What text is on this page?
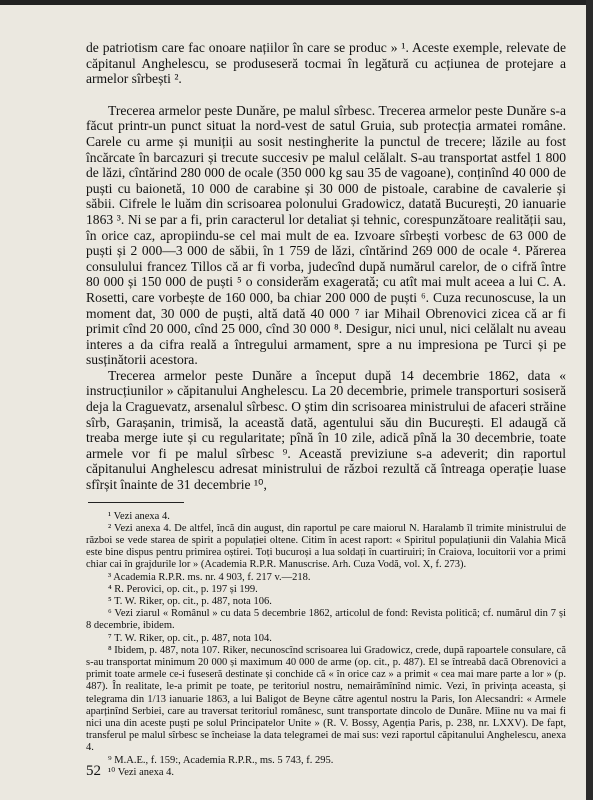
de patriotism care fac onoare națiilor în care se produc » ¹. Aceste exemple, relevate de căpitanul Anghelescu, se produseseră tocmai în legătură cu acțiunea de protejare a armelor sîrbești ².

Trecerea armelor peste Dunăre, pe malul sîrbesc. Trecerea armelor peste Dunăre s-a făcut printr-un punct situat la nord-vest de satul Gruia, sub protecția armatei române. Carele cu arme și muniții au sosit nestingherite la punctul de trecere; lăzile au fost încărcate în barcazuri și trecute succesiv pe malul celălalt. S-au transportat astfel 1 800 de lăzi, cîntărind 280 000 de ocale (350 000 kg sau 35 de vagoane), conținînd 40 000 de puști cu baionetă, 10 000 de carabine și 30 000 de pistoale, carabine de cavalerie și săbii. Cifrele le luăm din scrisoarea polonului Gradowicz, datată București, 20 ianuarie 1863 ³. Ni se par a fi, prin caracterul lor detaliat și tehnic, corespunzătoare realității sau, în orice caz, apropiindu-se cel mai mult de ea. Izvoare sîrbești vorbesc de 63 000 de puști și 2 000—3 000 de săbii, în 1 759 de lăzi, cîntărind 269 000 de ocale ⁴. Părerea consulului francez Tillos că ar fi vorba, judecînd după numărul carelor, de o cifră între 80 000 și 150 000 de puști ⁵ o considerăm exagerată; cu atît mai mult aceea a lui C. A. Rosetti, care vorbește de 160 000, ba chiar 200 000 de puști ⁶. Cuza recunoscuse, la un moment dat, 30 000 de puști, altă dată 40 000 ⁷ iar Mihail Obrenovici zicea că ar fi primit cînd 20 000, cînd 25 000, cînd 30 000 ⁸. Desigur, nici unul, nici celălalt nu aveau interes a da cifra reală a întregului armament, spre a nu impresiona pe Turci și pe susținătorii acestora.

Trecerea armelor peste Dunăre a început după 14 decembrie 1862, data « instrucțiunilor » căpitanului Anghelescu. La 20 decembrie, primele transporturi sosiseră deja la Craguevatz, arsenalul sîrbesc. O știm din scrisoarea ministrului de afaceri străine sîrb, Garașanin, trimisă, la această dată, agentului său din București. El adaugă că treaba merge iute și cu regularitate; pînă în 10 zile, adică pînă la 30 decembrie, toate armele vor fi pe malul sîrbesc ⁹. Această previziune s-a adeverit; din raportul căpitanului Anghelescu adresat ministrului de război rezultă că întreaga operație luase sfîrșit înainte de 31 decembrie ¹⁰,

¹ Vezi anexa 4.

² Vezi anexa 4. De altfel, încă din august, din raportul pe care maiorul N. Haralamb îl trimite ministrului de război se vede starea de spirit a populației oltene. Citim în acest raport: « Spiritul populațiunii din Valahia Mică este bine dispus pentru primirea oștirei. Toți bucuroși a lua soldați în cuartiruiri; în Craiova, locuitorii vor a primi chiar cai în grajdurile lor » (Academia R.P.R. Manuscrise. Arh. Cuza Vodă, vol. X, f. 273).

³ Academia R.P.R. ms. nr. 4 903, f. 217 v.—218.

⁴ R. Perovici, op. cit., p. 197 și 199.

⁵ T. W. Riker, op. cit., p. 487, nota 106.

⁶ Vezi ziarul « Românul » cu data 5 decembrie 1862, articolul de fond: Revista politică; cf. numărul din 7 și 8 decembrie, ibidem.

⁷ T. W. Riker, op. cit., p. 487, nota 104.

⁸ Ibidem, p. 487, nota 107. Riker, necunoscînd scrisoarea lui Gradowicz, crede, după rapoartele consulare, că s-au transportat minimum 20 000 și maximum 40 000 de arme (op. cit., p. 487). El se întreabă dacă Obrenovici a primit toate armele ce-i fuseseră destinate și conchide că « în orice caz » a primit « cea mai mare parte a lor » (p. 487). În realitate, le-a primit pe toate, pe teritoriul nostru, nemairămînînd nimic. Vezi, în privința aceasta, și telegrama din 1/13 ianuarie 1863, a lui Baligot de Beyne către agentul nostru la Paris, Ion Alecsandri: « Armele aparținînd Serbiei, care au traversat teritoriul românesc, sunt transportate dincolo de Dunăre. Mîine nu va mai fi nici una din aceste puști pe solul Principatelor Unite » (R. V. Bossy, Agenția Paris, p. 238, nr. LXXV). De fapt, transferul pe malul sîrbesc se încheiase la data telegramei de mai sus: vezi raportul căpitanului Anghelescu, anexa 4.

⁹ M.A.E., f. 159:, Academia R.P.R., ms. 5 743, f. 295.

¹⁰ Vezi anexa 4.

52
